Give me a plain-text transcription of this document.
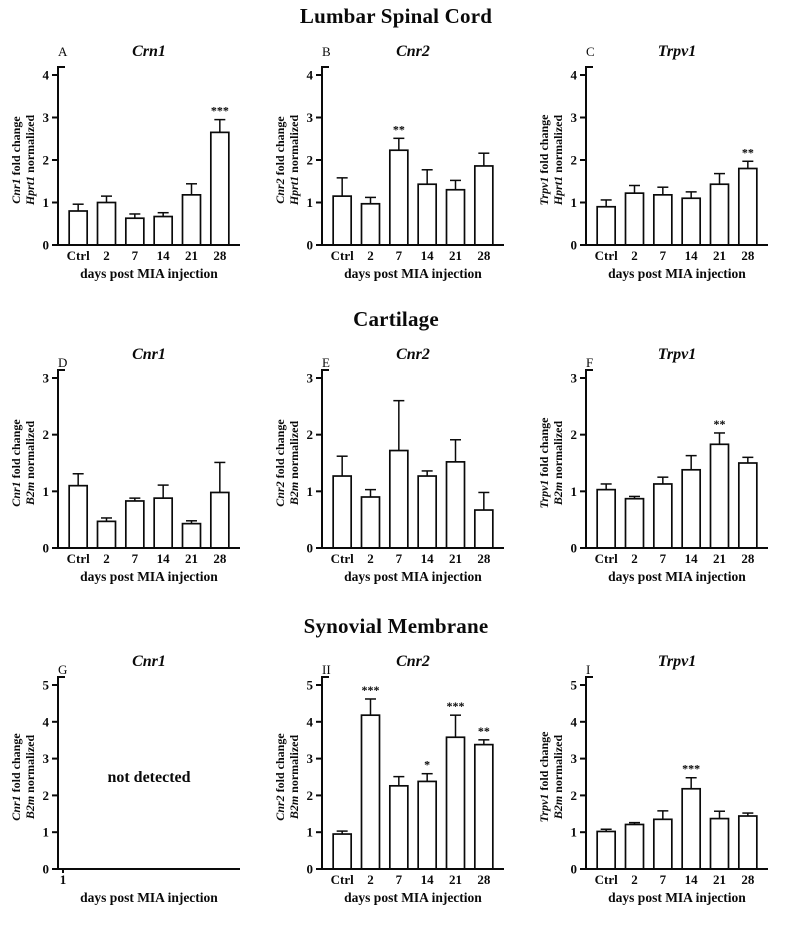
Lumbar Spinal Cord
A	Crn1
Ctrl 2 7 14 21
***
28
0
1
2
3
4
Cnr1 fold change
Hprt1 normalized
days post MIA injection
B	Cnr2
Ctrl 2
**
7 14 21 28
0
1
2
3
4
Cnr2 fold change
Hprt1 normalized
days post MIA injection
C	Trpv1
Ctrl 2 7 14 21
**
28
0
1
2
3
4
Trpv1 fold change
Hprt1 normalized
days post MIA injection
Cartilage
D	Cnr1
Ctrl 2 7 14 21 28
0
1
2
3
Cnr1 fold change
B2m normalized
days post MIA injection
E	Cnr2
Ctrl 2 7 14 21 28
0
1
2
3
Cnr2 fold change
B2m normalized
days post MIA injection
F	Trpv1
Ctrl 2 7 14
**
21 28
0
1
2
3
Trpv1 fold change
B2m normalized
days post MIA injection
Synovial Membrane
G	Cnr1
not detected
1
0
1
2
3
4
5
Cnr1 fold change
B2m normalized
days post MIA injection
II	Cnr2
Ctrl
***
2 7
*
14
***
21
**
28
0
1
2
3
4
5
Cnr2 fold change
B2m normalized
days post MIA injection
I	Trpv1
Ctrl 2 7
***
14 21 28
0
1
2
3
4
5
Trpv1 fold change
B2m normalized
days post MIA injection
